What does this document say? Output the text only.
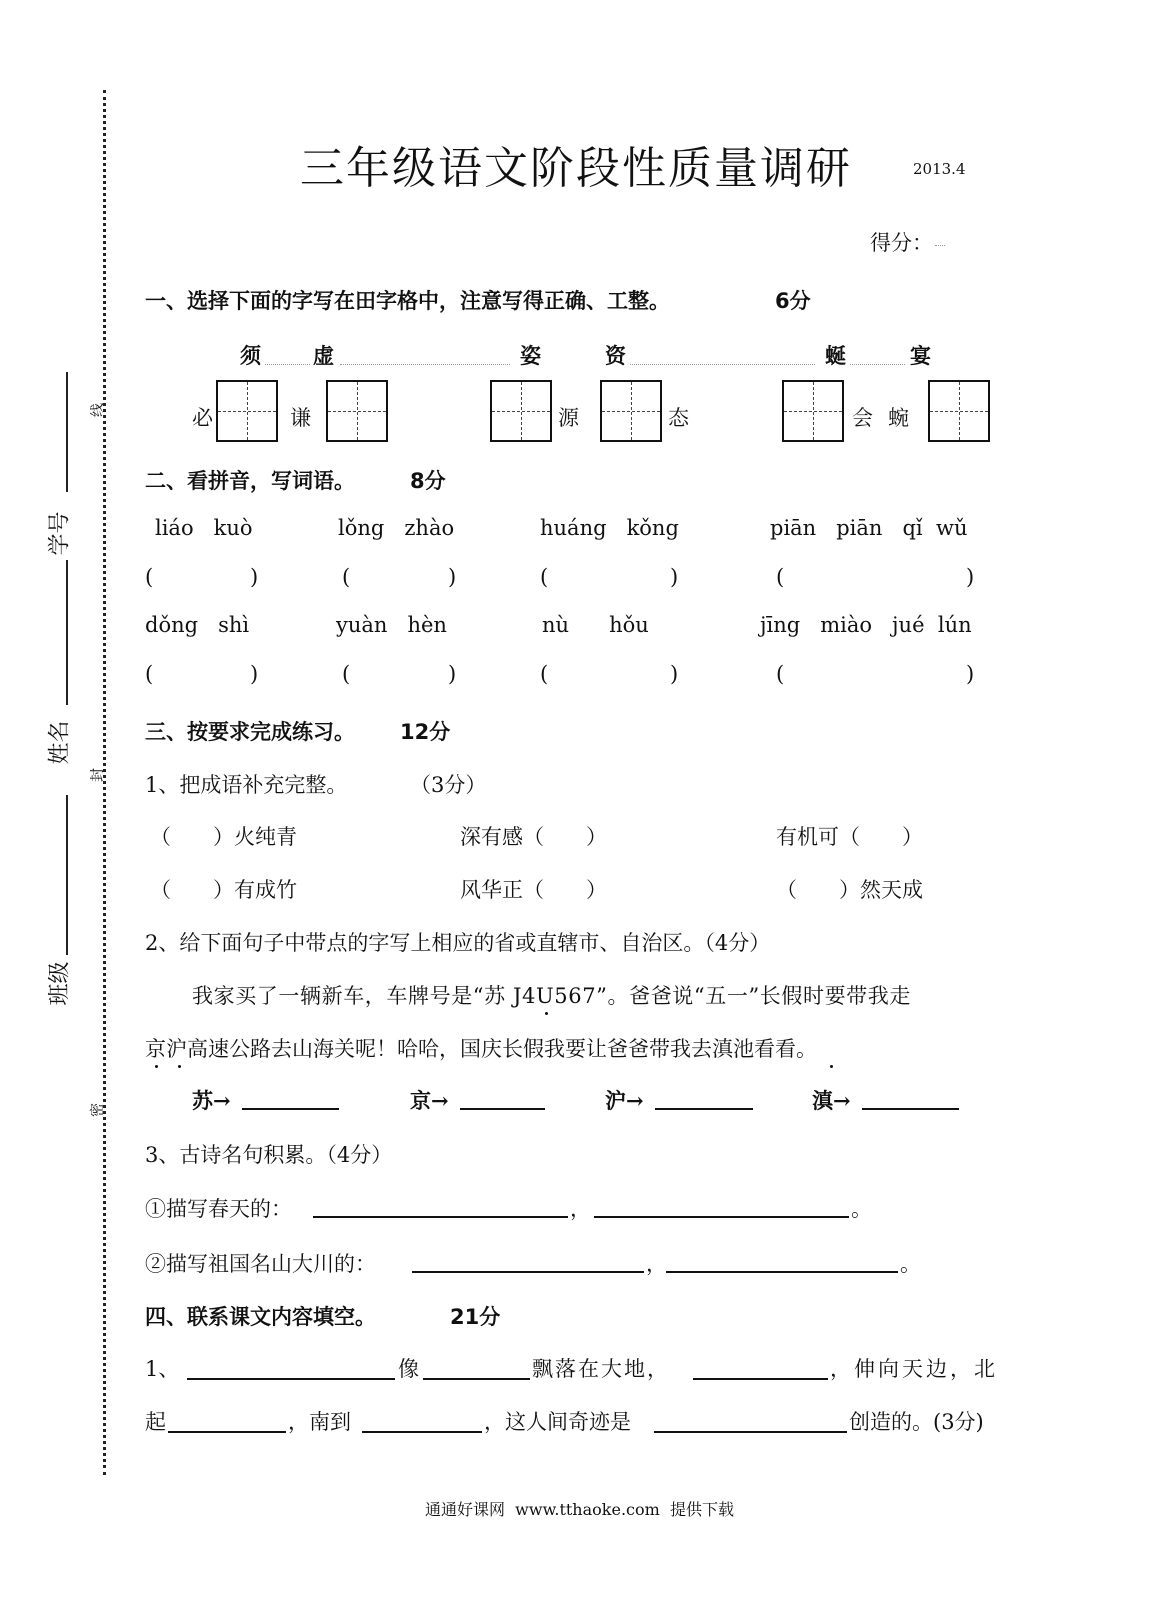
线
封
密
学号
姓名
班级
三年级语文阶段性质量调研	2013.4
得分：
一、选择下面的字写在田字格中，注意写得正确、工整。	6分
须 虚	姿	资	蜒	宴
必	谦	源	态	会 蜿
二、看拼音，写词语。	8分
liáo   kuò	lǒng   zhào	huáng   kǒng	piān   piān   qǐ  wǔ
(	)	(	)	(	)	(	)
dǒng   shì	yuàn   hèn	nù      hǒu	jīng   miào   jué  lún
(	)	(	)	(	)	(	)
三、按要求完成练习。 12分
1、把成语补充完整。	（3分）
（　　）火纯青	深有感（　　）	有机可（　　）
（　　）有成竹	风华正（　　）	（　　）然天成
2、给下面句子中带点的字写上相应的省或直辖市、自治区。（4分）
我家买了一辆新车，车牌号是“苏 J4U567”。爸爸说“五一”长假时要带我走
京沪高速公路去山海关呢！哈哈，国庆长假我要让爸爸带我去滇池看看。
苏→	京→	沪→	滇→
3、古诗名句积累。（4分）
①描写春天的：	，	。
②描写祖国名山大川的：	，	。
四、联系课文内容填空。	21分
1、	像	飘落在大地，	，伸向天边，北
起	，南到	，这人间奇迹是	创造的。(3分)
通通好课网  www.tthaoke.com  提供下载
